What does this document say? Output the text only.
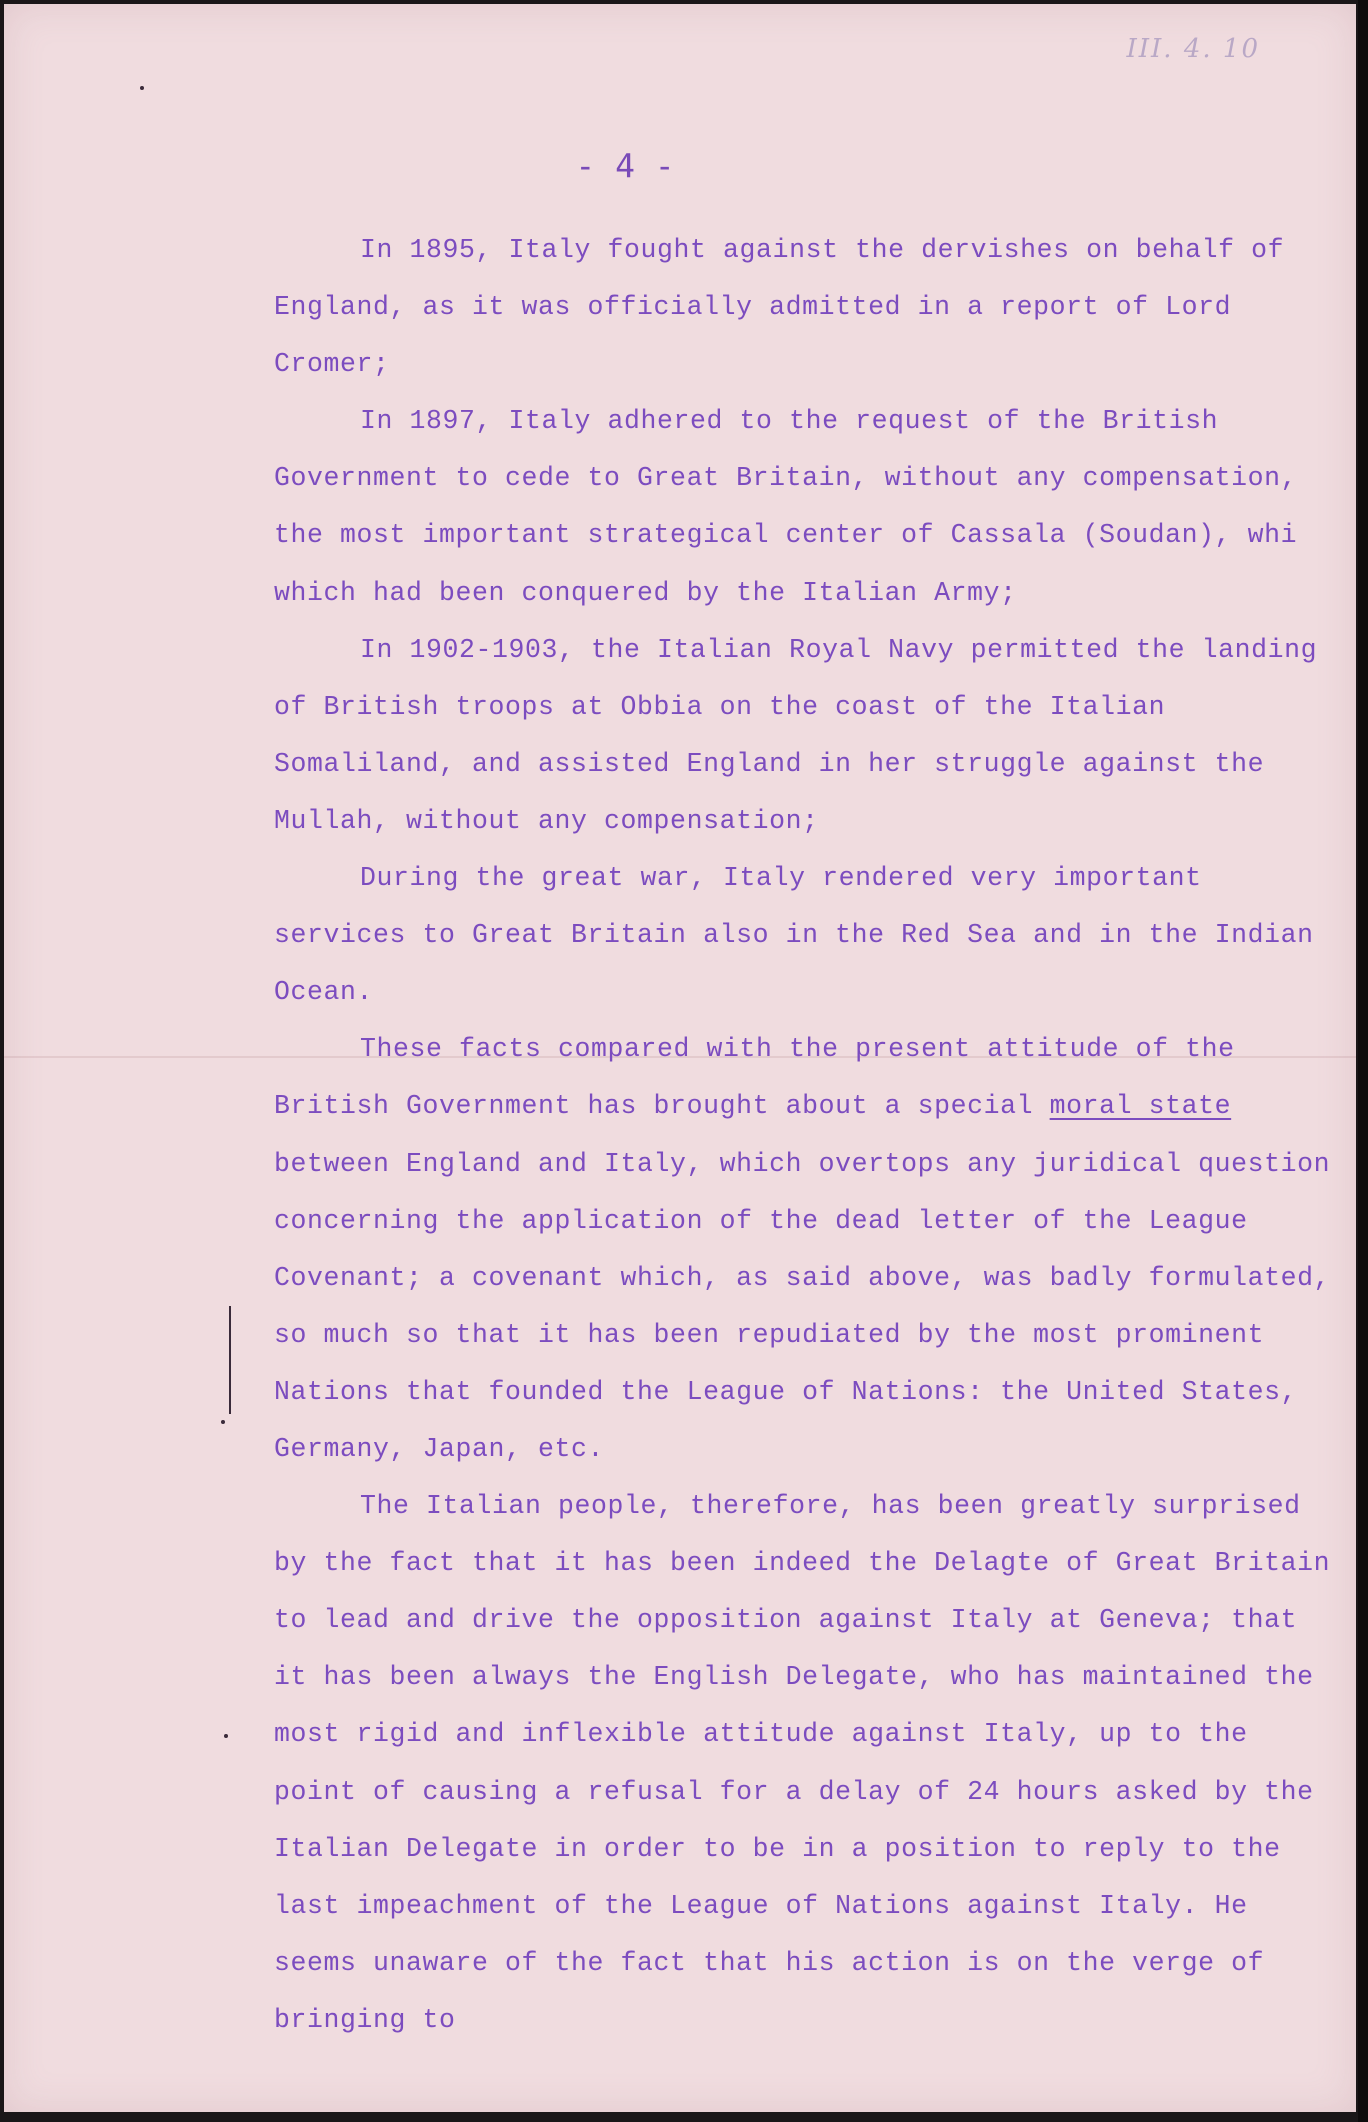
III. 4. 10
- 4 -

In 1895, Italy fought against the dervishes on behalf of England, as it was officially admitted in a report of Lord Cromer;

In 1897, Italy adhered to the request of the British Government to cede to Great Britain, without any compensation, the most important strategical center of Cassala (Soudan), whi which had been conquered by the Italian Army;

In 1902-1903, the Italian Royal Navy permitted the landing of British troops at Obbia on the coast of the Italian Somaliland, and assisted England in her struggle against the Mullah, without any compensation;

During the great war, Italy rendered very important services to Great Britain also in the Red Sea and in the Indian Ocean.

These facts compared with the present attitude of the British Government has brought about a special moral state between England and Italy, which overtops any juridical question concerning the application of the dead letter of the League Covenant; a covenant which, as said above, was badly formulated, so much so that it has been repudiated by the most prominent Nations that founded the League of Nations: the United States, Germany, Japan, etc.

The Italian people, therefore, has been greatly surprised by the fact that it has been indeed the Delagte of Great Britain to lead and drive the opposition against Italy at Geneva; that it has been always the English Delegate, who has maintained the most rigid and inflexible attitude against Italy, up to the point of causing a refusal for a delay of 24 hours asked by the Italian Delegate in order to be in a position to reply to the last impeachment of the League of Nations against Italy. He seems unaware of the fact that his action is on the verge of bringing to
